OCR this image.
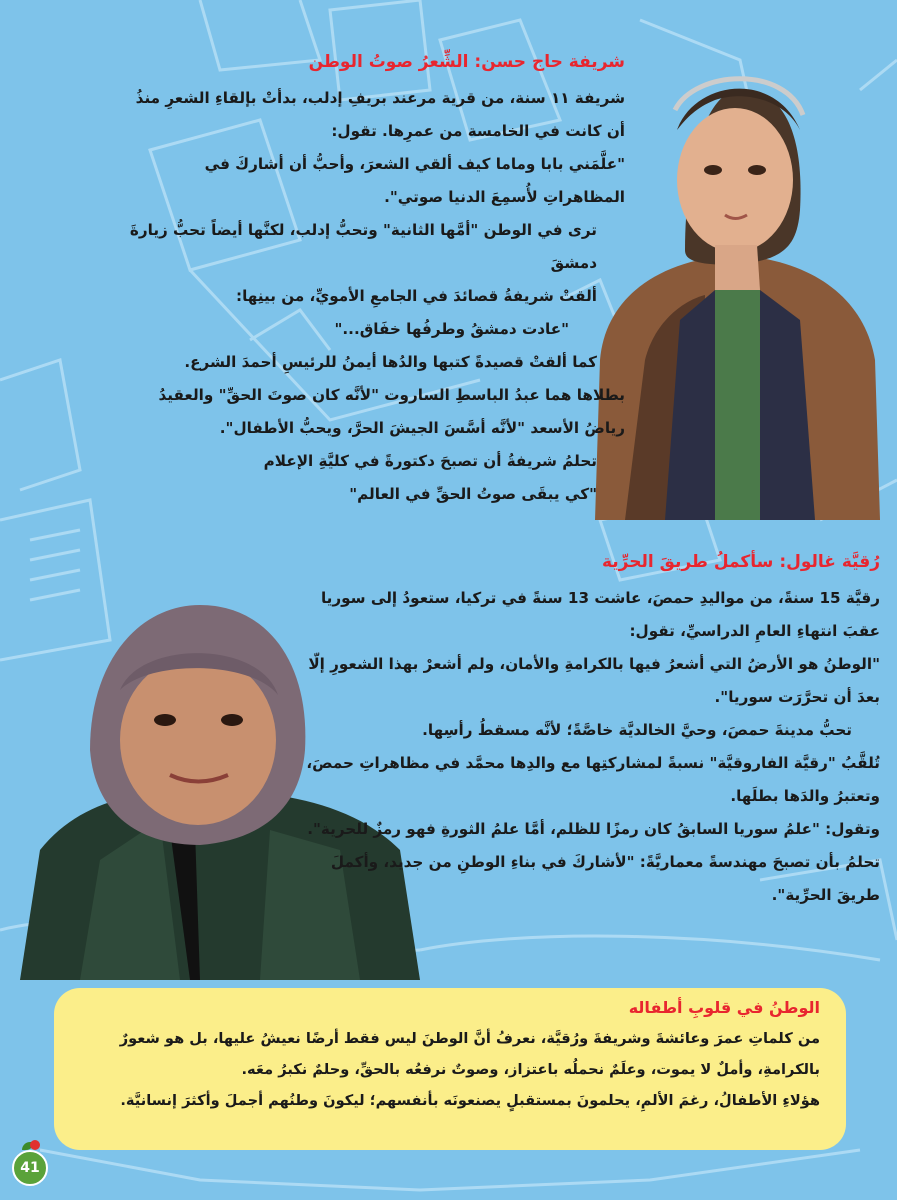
شريفة حاج حسن: الشِّعرُ صوتُ الوطن

شريفة ١١ سنة، من قرية مرعند بريفِ إدلب، بدأتْ بإلقاءِ الشعرِ منذُ أن كانت في الخامسة من عمرِها. تقول:

"علَّمَني بابا وماما كيف ألقي الشعرَ، وأحبُّ أن أشاركَ في المظاهراتِ لأُسمِعَ الدنيا صوتي".

ترى في الوطن "أمَّها الثانية" وتحبُّ إدلب، لكنَّها أيضاً تحبُّ زيارةَ دمشقَ

ألقتْ شريفةُ قصائدَ في الجامعِ الأمويِّ، من بينِها:

"عادت دمشقُ وطرفُها خفَاق..."

كما ألقتْ قصيدةً كتبها والدُها أيمنُ للرئيسِ أحمدَ الشرع.

بطلاها هما عبدُ الباسطِ الساروت "لأنَّه كان صوتَ الحقِّ" والعقيدُ رياضُ الأسعد "لأنَّه أسَّسَ الجيشَ الحرَّ، ويحبُّ الأطفال".

تحلمُ شريفةُ أن تصبحَ دكتورةً في كليَّةِ الإعلام

"كي يبقَى صوتُ الحقِّ في العالم"

رُقيَّة غالول: سأكملُ طريقَ الحرِّية

رقيَّة 15 سنةً، من مواليدِ حمصَ، عاشت 13 سنةً في تركيا، ستعودُ إلى سوريا عقبَ انتهاءِ العامِ الدراسيِّ، تقول:

"الوطنُ هو الأرضُ التي أشعرُ فيها بالكرامةِ والأمان، ولم أشعرْ بهذا الشعورِ إلّا بعدَ أن تحرَّرَت سوريا".

تحبُّ مدينةَ حمصَ، وحيَّ الخالديَّة خاصَّةً؛ لأنَّه مسقطُ رأسِها.

تُلقَّبُ "رقيَّة الفاروقيَّة" نسبةً لمشاركتِها مع والدِها محمَّد في مظاهراتِ حمصَ، وتعتبرُ والدَها بطلَها.

وتقول: "علمُ سوريا السابقُ كان رمزًا للظلم، أمَّا علمُ الثورةِ فهو رمزٌ للحرية".

تحلمُ بأن تصبحَ مهندسةً معماريَّةً: "لأشاركَ في بناءِ الوطنِ من جديد، وأكملَ طريقَ الحرِّية".

الوطنُ في قلوبِ أطفاله

من كلماتِ عمرَ وعائشةَ وشريفةَ ورُقيَّة، نعرفُ أنَّ الوطنَ ليس فقط أرضًا نعيشُ عليها، بل هو شعورٌ بالكرامةِ، وأملٌ لا يموت، وعلَمٌ نحملُه باعتزاز، وصوتٌ نرفعُه بالحقِّ، وحلمٌ نكبرُ معَه.

هؤلاءِ الأطفالُ، رغمَ الألمِ، يحلمونَ بمستقبلٍ يصنعونَه بأنفسهم؛ ليكونَ وطنُهم أجملَ وأكثرَ إنسانيَّة.

41
